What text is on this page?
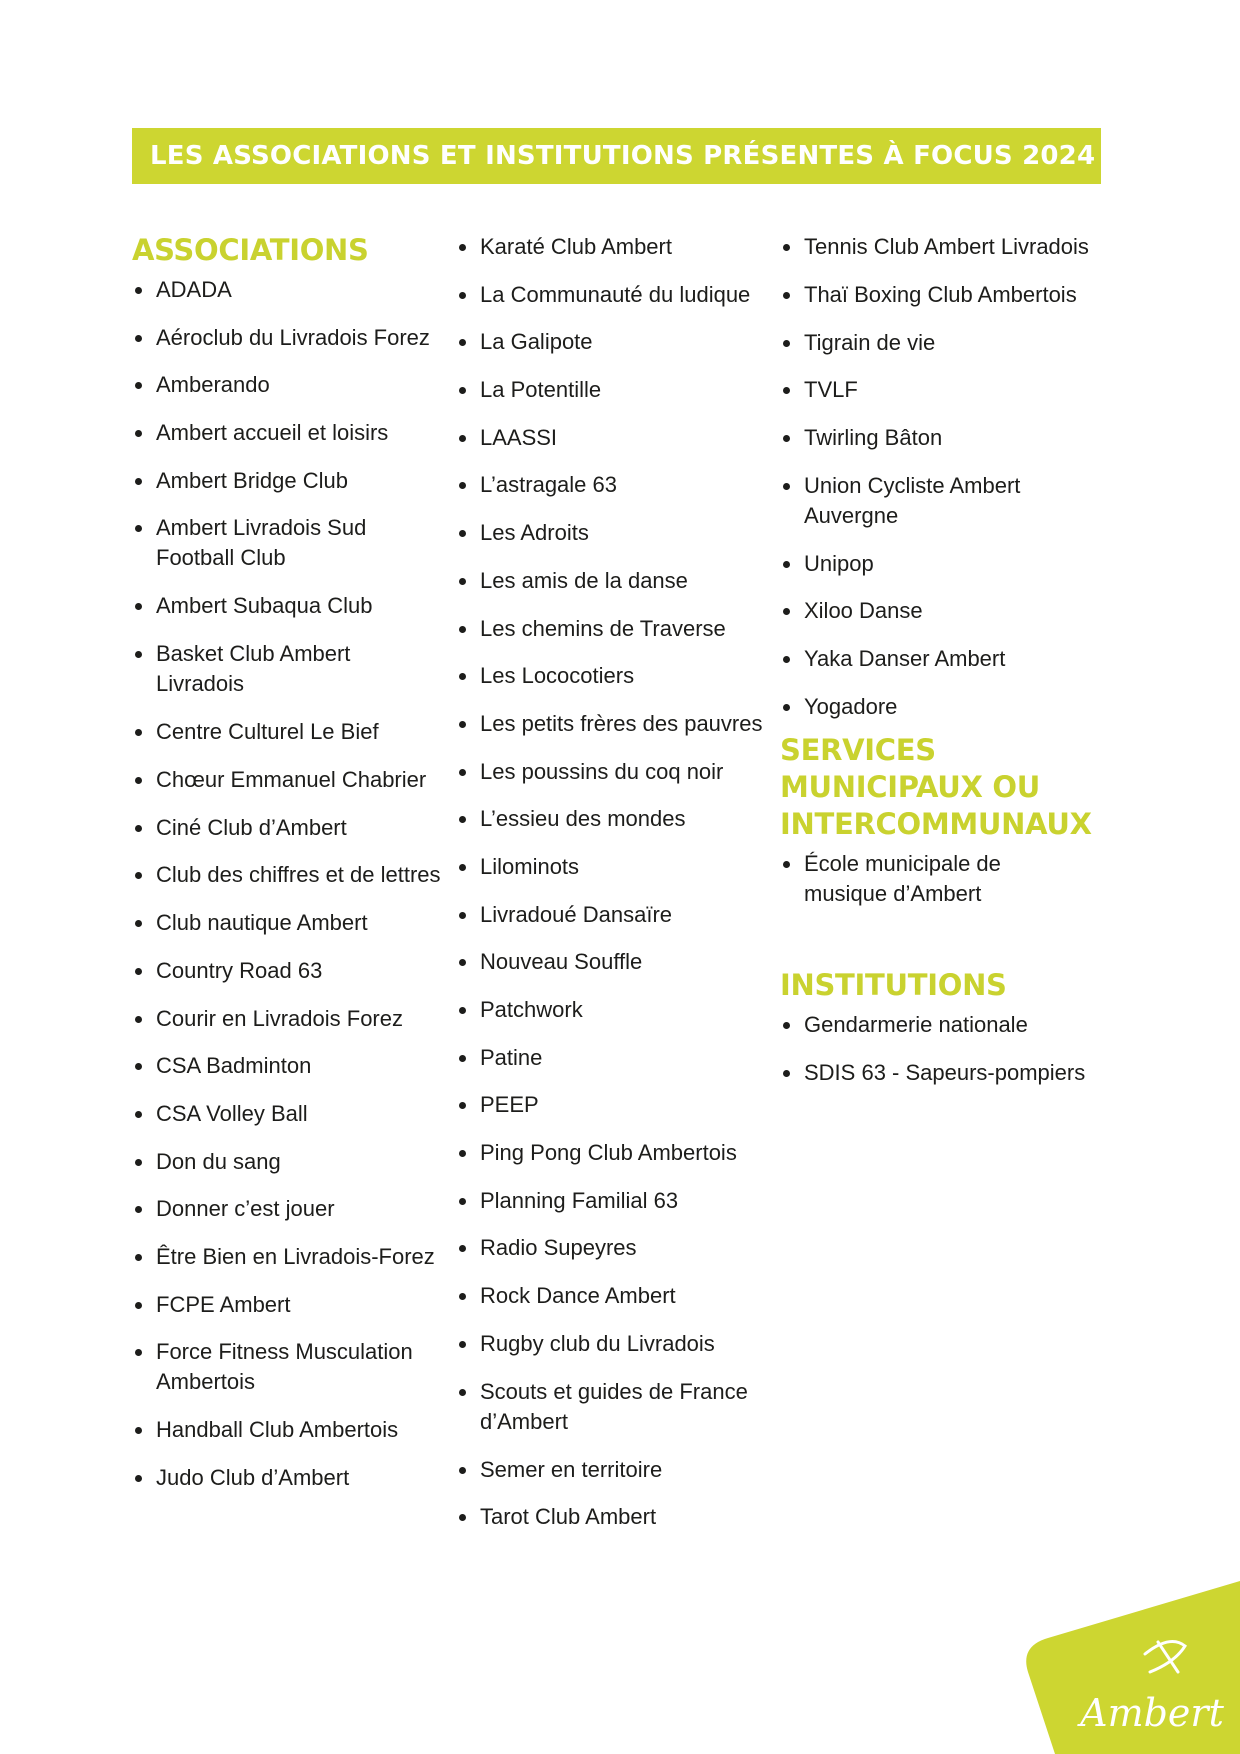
LES ASSOCIATIONS ET INSTITUTIONS PRÉSENTES À FOCUS 2024
ASSOCIATIONS
ADADA
Aéroclub du Livradois Forez
Amberando
Ambert accueil et loisirs
Ambert Bridge Club
Ambert Livradois Sud Football Club
Ambert Subaqua Club
Basket Club Ambert Livradois
Centre Culturel Le Bief
Chœur Emmanuel Chabrier
Ciné Club d’Ambert
Club des chiffres et de lettres
Club nautique Ambert
Country Road 63
Courir en Livradois Forez
CSA Badminton
CSA Volley Ball
Don du sang
Donner c’est jouer
Être Bien en Livradois-Forez
FCPE Ambert
Force Fitness Musculation Ambertois
Handball Club Ambertois
Judo Club d’Ambert
Karaté Club Ambert
La Communauté du ludique
La Galipote
La Potentille
LAASSI
L’astragale 63
Les Adroits
Les amis de la danse
Les chemins de Traverse
Les Lococotiers
Les petits frères des pauvres
Les poussins du coq noir
L’essieu des mondes
Lilominots
Livradoué Dansaïre
Nouveau Souffle
Patchwork
Patine
PEEP
Ping Pong Club Ambertois
Planning Familial 63
Radio Supeyres
Rock Dance Ambert
Rugby club du Livradois
Scouts et guides de France d’Ambert
Semer en territoire
Tarot Club Ambert
Tennis Club Ambert Livradois
Thaï Boxing Club Ambertois
Tigrain de vie
TVLF
Twirling Bâton
Union Cycliste Ambert Auvergne
Unipop
Xiloo Danse
Yaka Danser Ambert
Yogadore
SERVICES
MUNICIPAUX OU
INTERCOMMUNAUX
École municipale de musique d’Ambert
INSTITUTIONS
Gendarmerie nationale
SDIS 63 - Sapeurs-pompiers
Ambert
